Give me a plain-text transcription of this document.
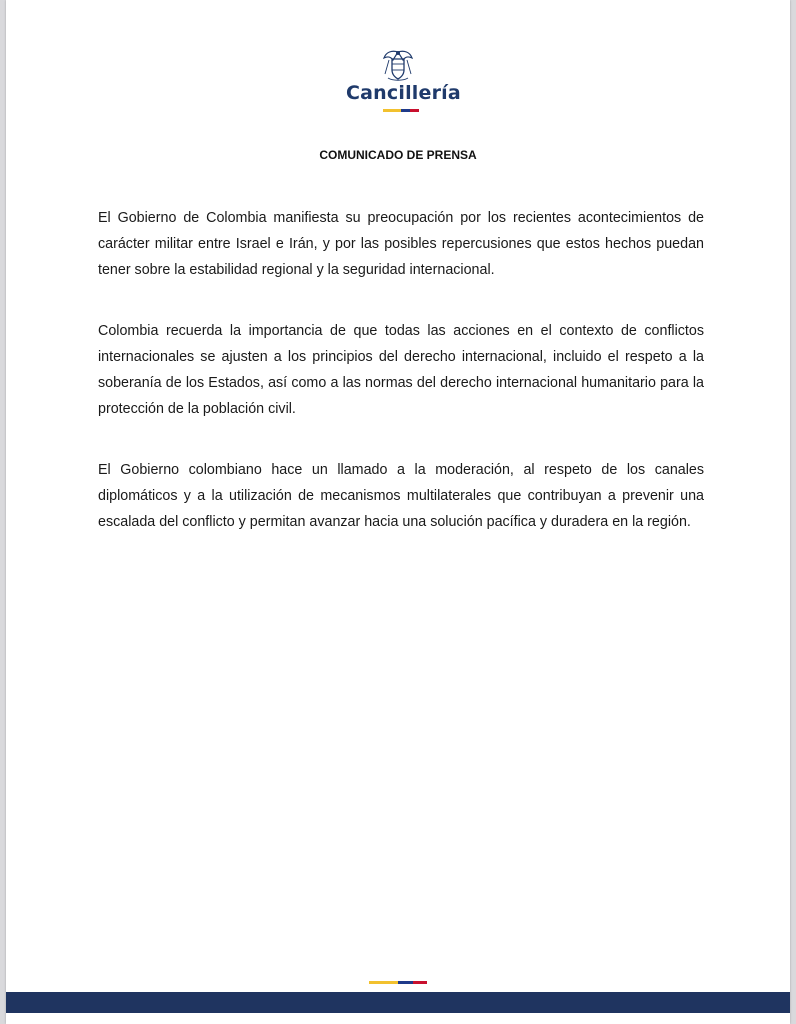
Cancillería
COMUNICADO DE PRENSA

El Gobierno de Colombia manifiesta su preocupación por los recientes acontecimientos de carácter militar entre Israel e Irán, y por las posibles repercusiones que estos hechos puedan tener sobre la estabilidad regional y la seguridad internacional.

Colombia recuerda la importancia de que todas las acciones en el contexto de conflictos internacionales se ajusten a los principios del derecho internacional, incluido el respeto a la soberanía de los Estados, así como a las normas del derecho internacional humanitario para la protección de la población civil.

El Gobierno colombiano hace un llamado a la moderación, al respeto de los canales diplomáticos y a la utilización de mecanismos multilaterales que contribuyan a prevenir una escalada del conflicto y permitan avanzar hacia una solución pacífica y duradera en la región.
